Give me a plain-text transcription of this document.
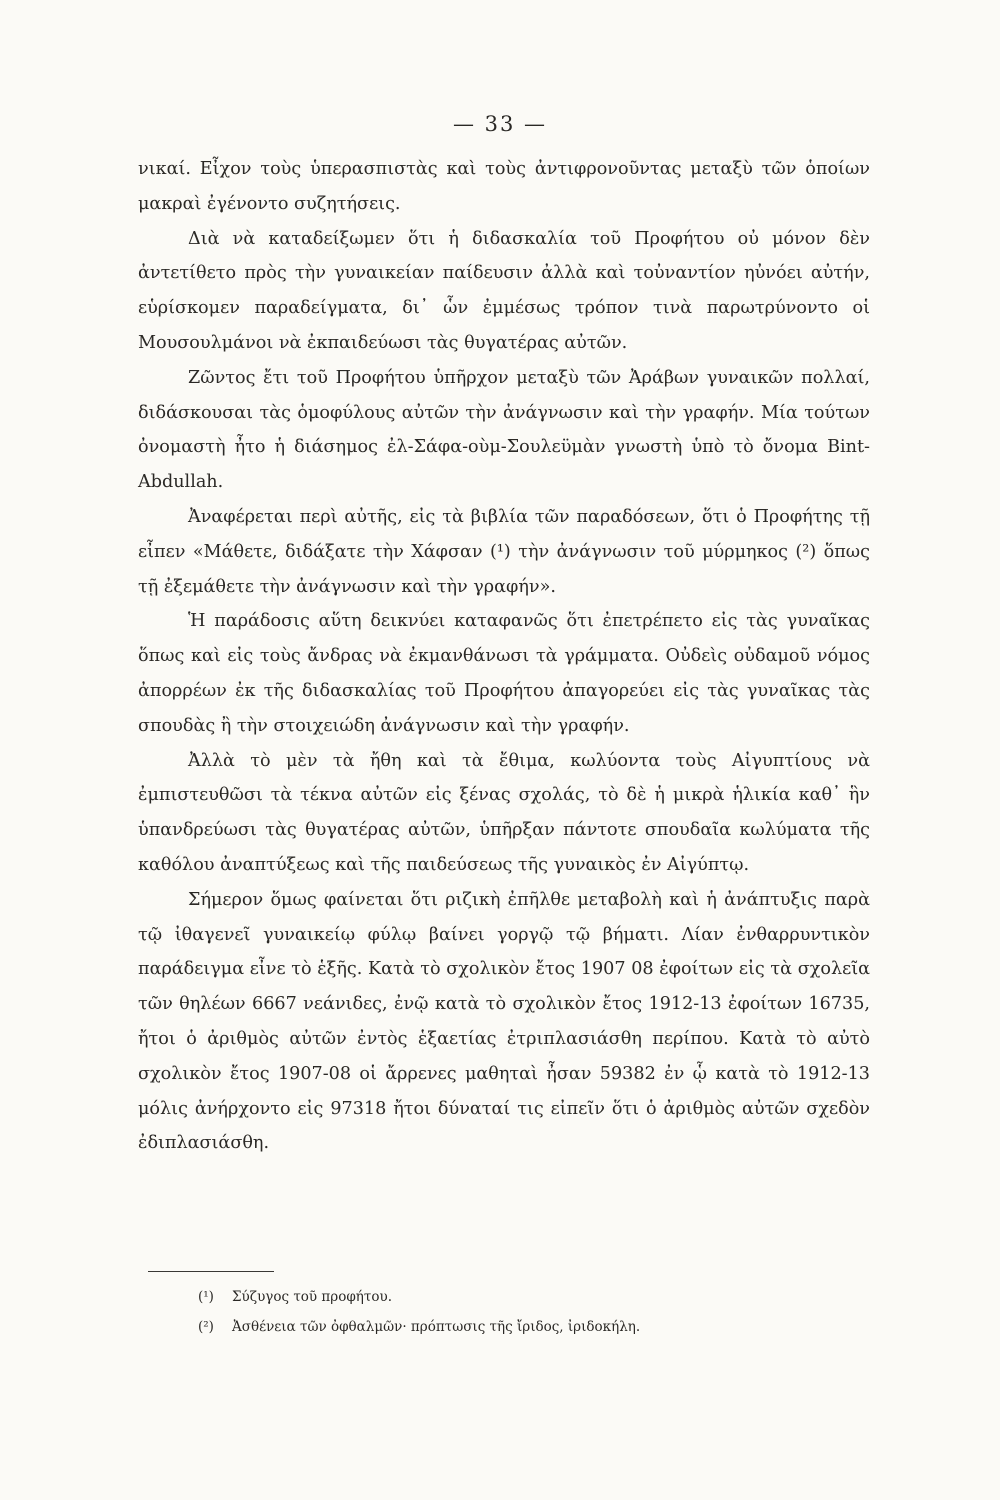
— 33 —

νικαί. Εἶχον τοὺς ὑπερασπιστὰς καὶ τοὺς ἀντιφρονοῦντας μεταξὺ τῶν ὁποίων μακραὶ ἐγένοντο συζητήσεις.

Διὰ νὰ καταδείξωμεν ὅτι ἡ διδασκαλία τοῦ Προφήτου οὐ μόνον δὲν ἀντετίθετο πρὸς τὴν γυναικείαν παίδευσιν ἀλλὰ καὶ τοὐναντίον ηὐνόει αὐτήν, εὑρίσκομεν παραδείγματα, δι᾽ ὧν ἐμμέσως τρόπον τινὰ παρωτρύνοντο οἱ Μουσουλμάνοι νὰ ἐκπαιδεύωσι τὰς θυγατέρας αὐτῶν.

Ζῶντος ἔτι τοῦ Προφήτου ὑπῆρχον μεταξὺ τῶν Ἀράβων γυναικῶν πολλαί, διδάσκουσαι τὰς ὁμοφύλους αὐτῶν τὴν ἀνάγνωσιν καὶ τὴν γραφήν. Μία τούτων ὀνομαστὴ ἦτο ἡ διάσημος ἐλ-Σάφα-οὺμ-Σουλεϋμὰν γνωστὴ ὑπὸ τὸ ὄνομα Bint-Abdullah.

Ἀναφέρεται περὶ αὐτῆς, εἰς τὰ βιβλία τῶν παραδόσεων, ὅτι ὁ Προφήτης τῇ εἶπεν «Μάθετε, διδάξατε τὴν Χάφσαν (¹) τὴν ἀνάγνωσιν τοῦ μύρμηκος (²) ὅπως τῇ ἐξεμάθετε τὴν ἀνάγνωσιν καὶ τὴν γραφήν».

Ἡ παράδοσις αὕτη δεικνύει καταφανῶς ὅτι ἐπετρέπετο εἰς τὰς γυναῖκας ὅπως καὶ εἰς τοὺς ἄνδρας νὰ ἐκμανθάνωσι τὰ γράμματα. Οὐδεὶς οὐδαμοῦ νόμος ἀπορρέων ἐκ τῆς διδασκαλίας τοῦ Προφήτου ἀπαγορεύει εἰς τὰς γυναῖκας τὰς σπουδὰς ἢ τὴν στοιχειώδη ἀνάγνωσιν καὶ τὴν γραφήν.

Ἀλλὰ τὸ μὲν τὰ ἤθη καὶ τὰ ἔθιμα, κωλύοντα τοὺς Αἰγυπτίους νὰ ἐμπιστευθῶσι τὰ τέκνα αὐτῶν εἰς ξένας σχολάς, τὸ δὲ ἡ μικρὰ ἡλικία καθ᾽ ἣν ὑπανδρεύωσι τὰς θυγατέρας αὐτῶν, ὑπῆρξαν πάντοτε σπουδαῖα κωλύματα τῆς καθόλου ἀναπτύξεως καὶ τῆς παιδεύσεως τῆς γυναικὸς ἐν Αἰγύπτῳ.

Σήμερον ὅμως φαίνεται ὅτι ριζικὴ ἐπῆλθε μεταβολὴ καὶ ἡ ἀνάπτυξις παρὰ τῷ ἰθαγενεῖ γυναικείῳ φύλῳ βαίνει γοργῷ τῷ βήματι. Λίαν ἐνθαρρυντικὸν παράδειγμα εἶνε τὸ ἑξῆς. Κατὰ τὸ σχολικὸν ἔτος 1907 08 ἐφοίτων εἰς τὰ σχολεῖα τῶν θηλέων 6667 νεάνιδες, ἐνῷ κατὰ τὸ σχολικὸν ἔτος 1912-13 ἐφοίτων 16735, ἤτοι ὁ ἀριθμὸς αὐτῶν ἐντὸς ἑξαετίας ἐτριπλασιάσθη περίπου. Κατὰ τὸ αὐτὸ σχολικὸν ἔτος 1907-08 οἱ ἄρρενες μαθηταὶ ἦσαν 59382 ἐν ᾧ κατὰ τὸ 1912-13 μόλις ἀνήρχοντο εἰς 97318 ἤτοι δύναταί τις εἰπεῖν ὅτι ὁ ἀριθμὸς αὐτῶν σχεδὸν ἐδιπλασιάσθη.

(¹) Σύζυγος τοῦ προφήτου.
(²) Ἀσθένεια τῶν ὀφθαλμῶν· πρόπτωσις τῆς ἴριδος, ἰριδοκήλη.
